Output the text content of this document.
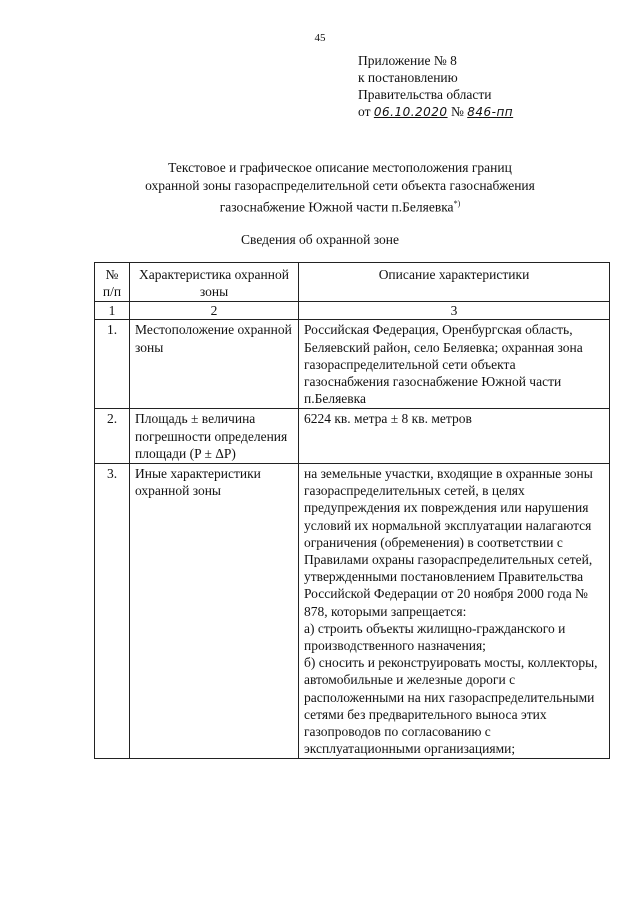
45
Приложение № 8
к постановлению
Правительства области
от 06.10.2020 № 846-пп
Текстовое и графическое описание местоположения границ
охранной зоны газораспределительной сети объекта газоснабжения
газоснабжение Южной части п.Беляевка*)
Сведения об охранной зоне
№ п/п	Характеристика охранной зоны	Описание характеристики
1	2	3
1.	Местоположение охранной зоны	Российская Федерация, Оренбургская область, Беляевский район, село Беляевка; охранная зона газораспределительной сети объекта газоснабжения газоснабжение Южной части п.Беляевка
2.	Площадь ± величина погрешности определения площади (P ± ΔP)	6224 кв. метра ± 8 кв. метров
3.	Иные характеристики охранной зоны	на земельные участки, входящие в охранные зоны газораспределительных сетей, в целях предупреждения их повреждения или нарушения условий их нормальной эксплуатации налагаются ограничения (обременения) в соответствии с Правилами охраны газораспределительных сетей, утвержденными постановлением Правительства Российской Федерации от 20 ноября 2000 года № 878, которыми запрещается:
а) строить объекты жилищно-гражданского и производственного назначения;
б) сносить и реконструировать мосты, коллекторы, автомобильные и железные дороги с расположенными на них газораспределительными сетями без предварительного выноса этих газопроводов по согласованию с эксплуатационными организациями;
